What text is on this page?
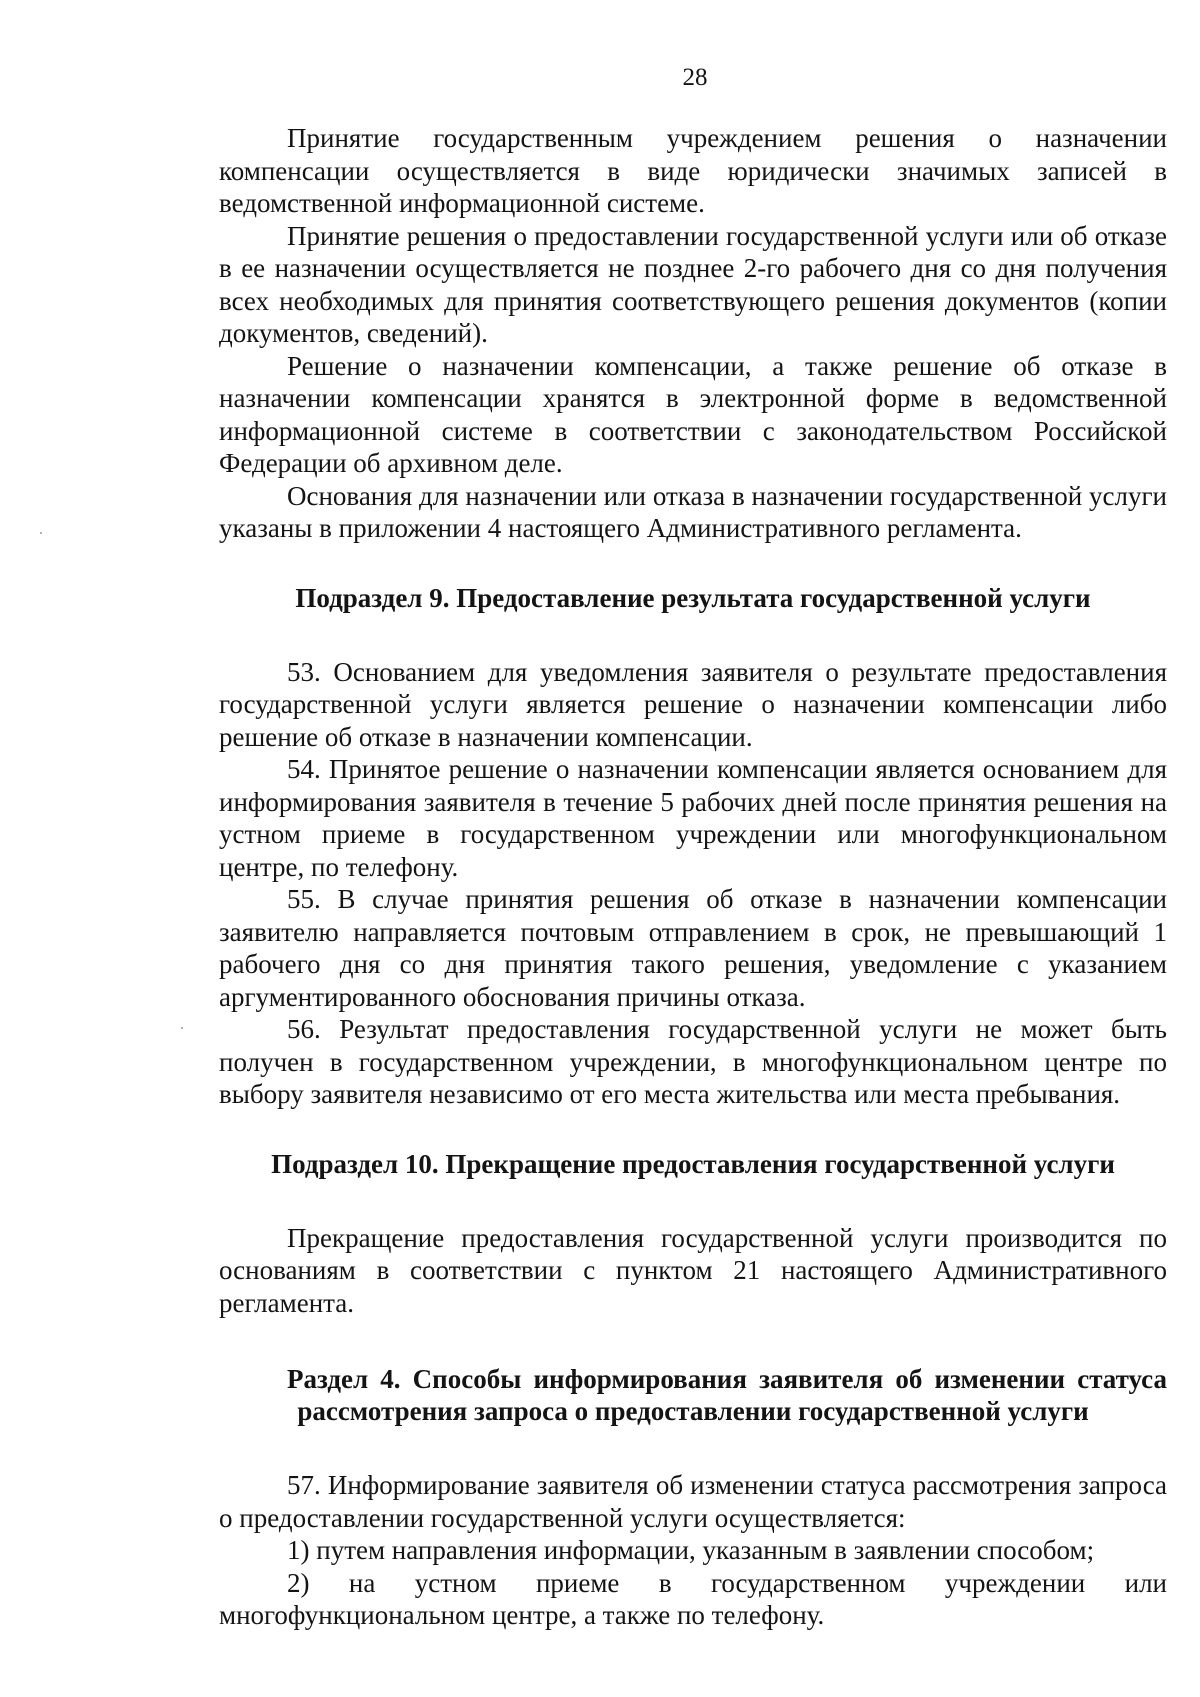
28

Принятие государственным учреждением решения о назначении компенсации осуществляется в виде юридически значимых записей в ведомственной информационной системе.

Принятие решения о предоставлении государственной услуги или об отказе в ее назначении осуществляется не позднее 2-го рабочего дня со дня получения всех необходимых для принятия соответствующего решения документов (копии документов, сведений).

Решение о назначении компенсации, а также решение об отказе в назначении компенсации хранятся в электронной форме в ведомственной информационной системе в соответствии с законодательством Российской Федерации об архивном деле.

Основания для назначении или отказа в назначении государственной услуги указаны в приложении 4 настоящего Административного регламента.

Подраздел 9. Предоставление результата государственной услуги

53. Основанием для уведомления заявителя о результате предоставления государственной услуги является решение о назначении компенсации либо решение об отказе в назначении компенсации.

54. Принятое решение о назначении компенсации является основанием для информирования заявителя в течение 5 рабочих дней после принятия решения на устном приеме в государственном учреждении или многофункциональном центре, по телефону.

55. В случае принятия решения об отказе в назначении компенсации заявителю направляется почтовым отправлением в срок, не превышающий 1 рабочего дня со дня принятия такого решения, уведомление с указанием аргументированного обоснования причины отказа.

56. Результат предоставления государственной услуги не может быть получен в государственном учреждении, в многофункциональном центре по выбору заявителя независимо от его места жительства или места пребывания.

Подраздел 10. Прекращение предоставления государственной услуги

Прекращение предоставления государственной услуги производится по основаниям в соответствии с пунктом 21 настоящего Административного регламента.

Раздел 4. Способы информирования заявителя об изменении статуса рассмотрения запроса о предоставлении государственной услуги

57. Информирование заявителя об изменении статуса рассмотрения запроса о предоставлении государственной услуги осуществляется:

1) путем направления информации, указанным в заявлении способом;

2) на устном приеме в государственном учреждении или многофункциональном центре, а также по телефону.
